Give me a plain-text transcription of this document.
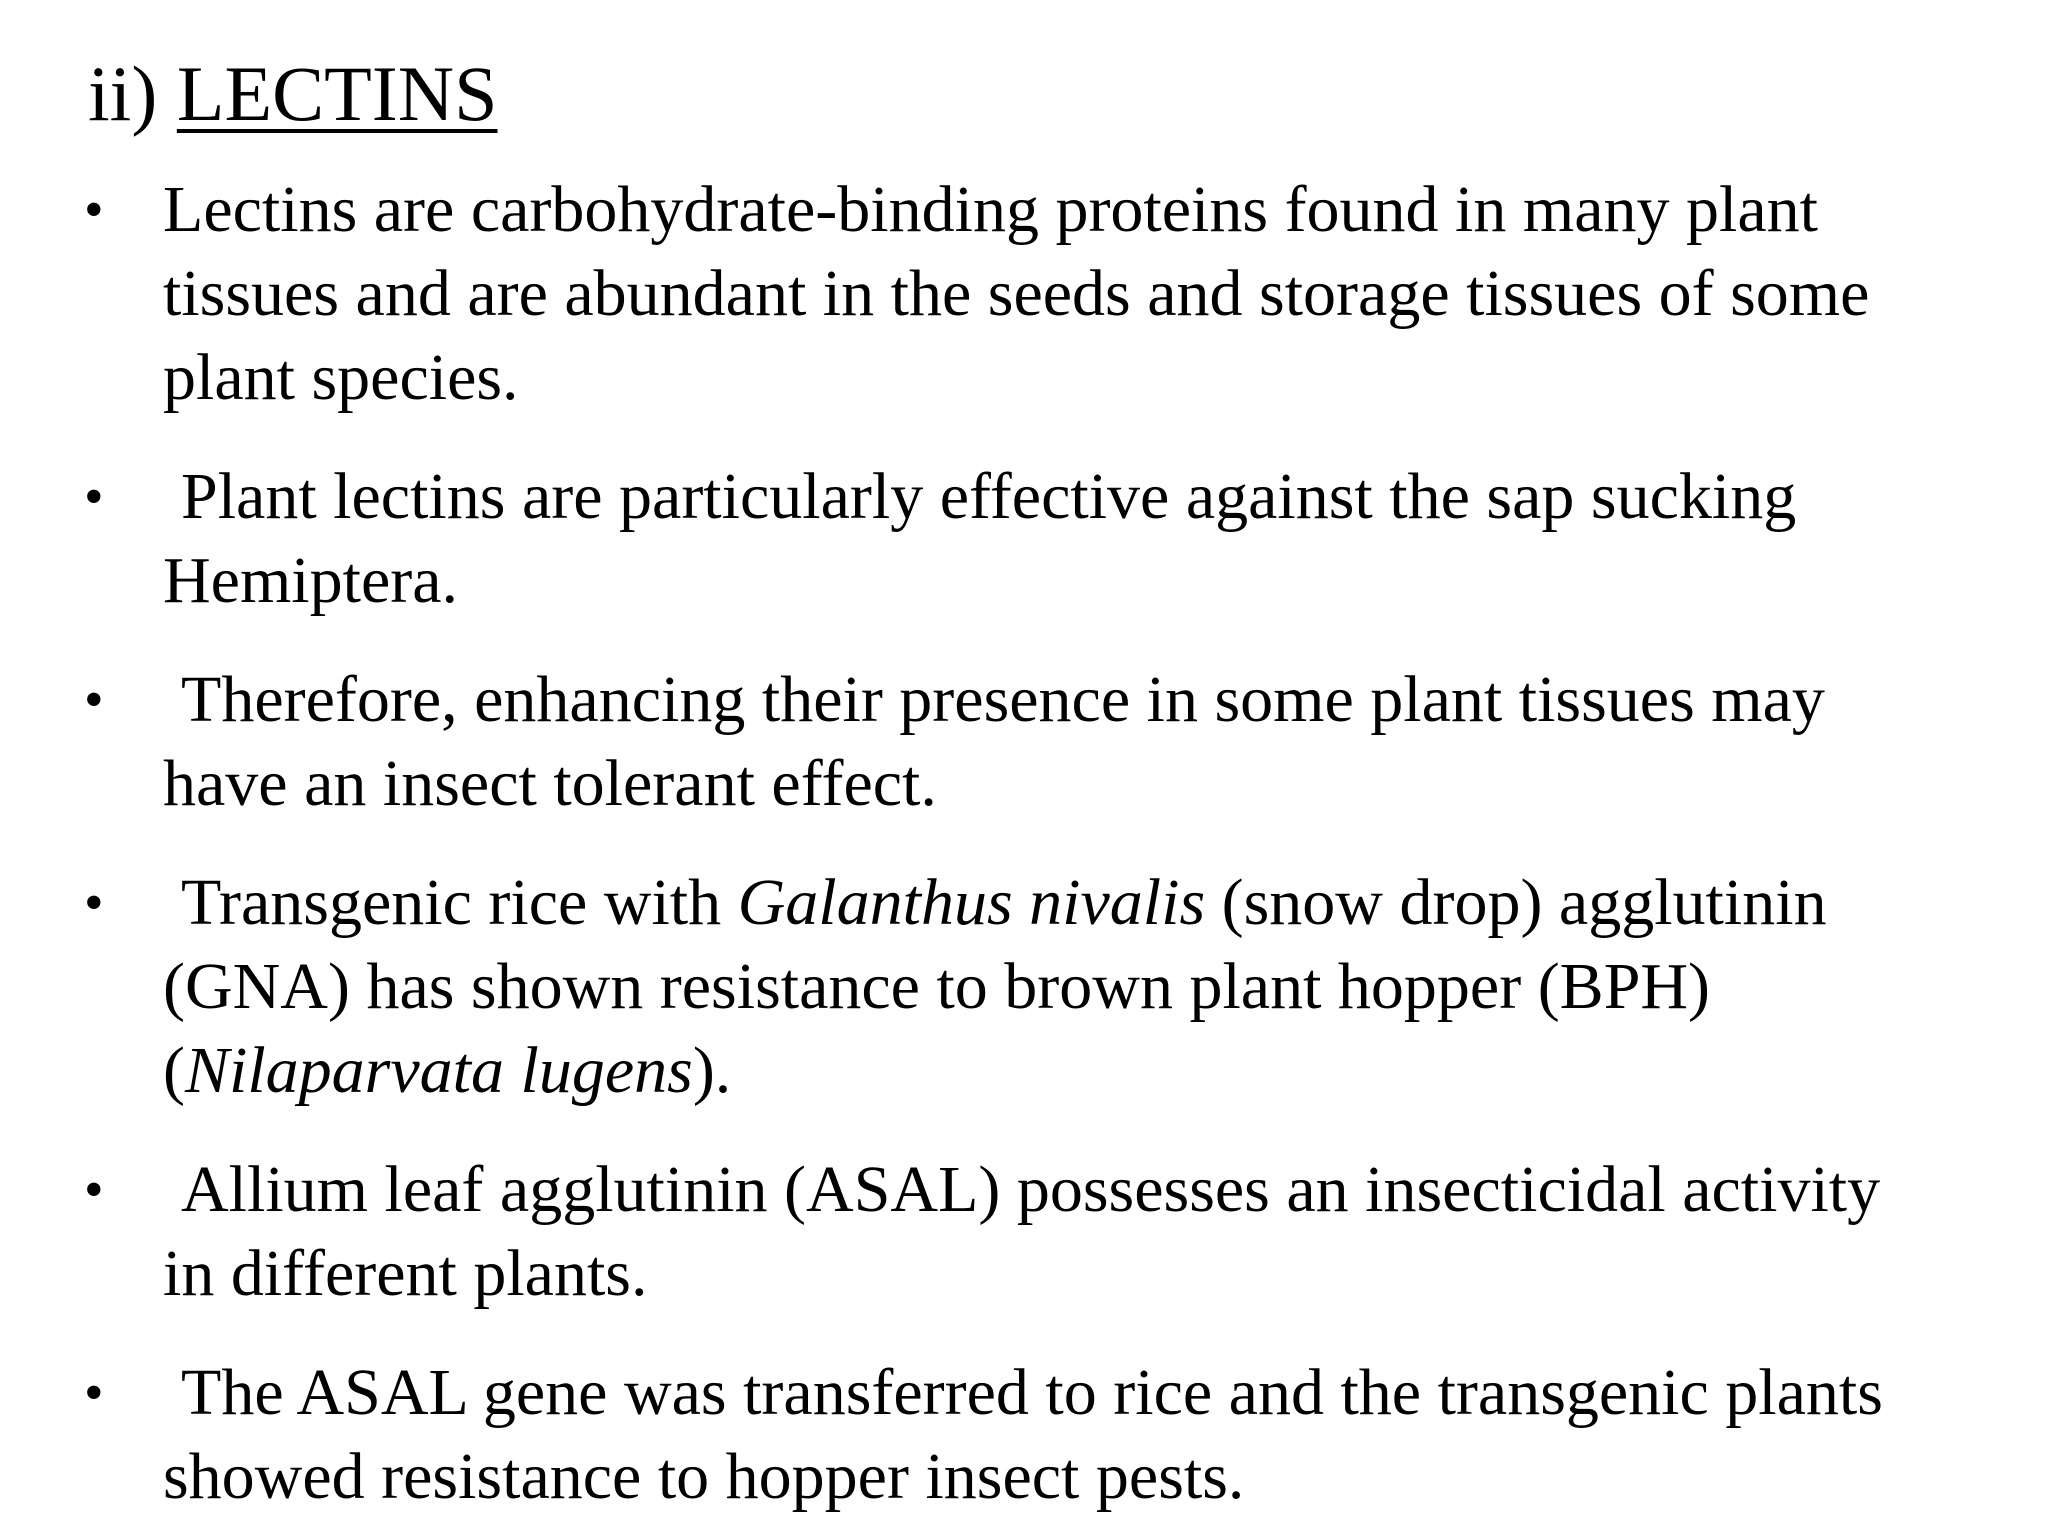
ii) LECTINS
• Lectins are carbohydrate-binding proteins found in many plant
tissues and are abundant in the seeds and storage tissues of some
plant species.
• Plant lectins are particularly effective against the sap sucking
Hemiptera.
• Therefore, enhancing their presence in some plant tissues may
have an insect tolerant effect.
• Transgenic rice with Galanthus nivalis (snow drop) agglutinin
(GNA) has shown resistance to brown plant hopper (BPH)
(Nilaparvata lugens).
• Allium leaf agglutinin (ASAL) possesses an insecticidal activity
in different plants.
• The ASAL gene was transferred to rice and the transgenic plants
showed resistance to hopper insect pests.
